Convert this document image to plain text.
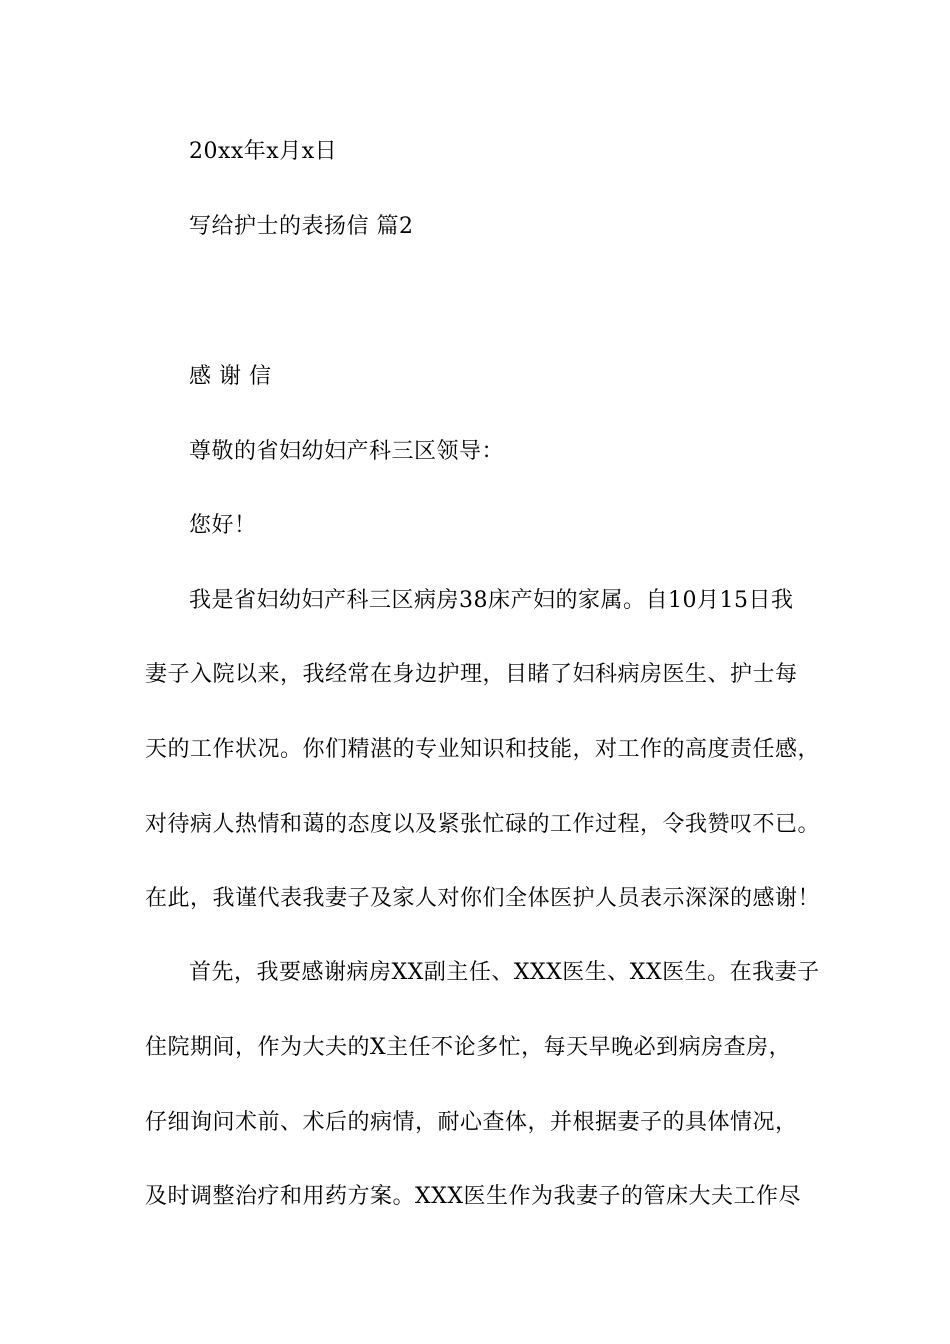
20xx年x月x日
写给护士的表扬信 篇2
感 谢 信
尊敬的省妇幼妇产科三区领导：
您好！
我是省妇幼妇产科三区病房38床产妇的家属。自10月15日我
妻子入院以来，我经常在身边护理，目睹了妇科病房医生、护士每
天的工作状况。你们精湛的专业知识和技能，对工作的高度责任感，
对待病人热情和蔼的态度以及紧张忙碌的工作过程，令我赞叹不已。
在此，我谨代表我妻子及家人对你们全体医护人员表示深深的感谢！
首先，我要感谢病房XX副主任、XXX医生、XX医生。在我妻子
住院期间，作为大夫的X主任不论多忙，每天早晚必到病房查房，
仔细询问术前、术后的病情，耐心查体，并根据妻子的具体情况，
及时调整治疗和用药方案。XXX医生作为我妻子的管床大夫工作尽
